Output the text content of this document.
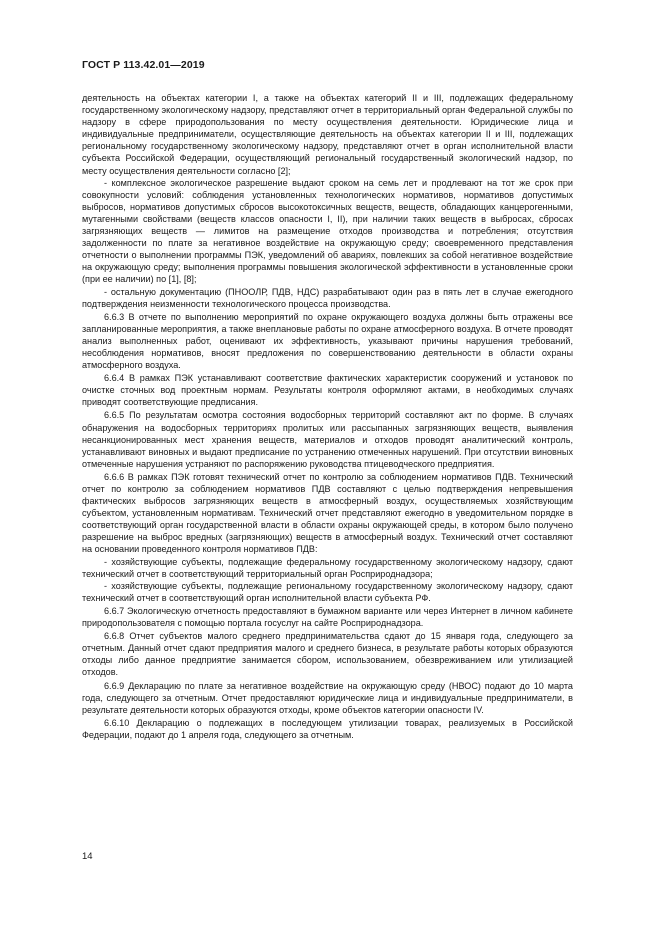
ГОСТ Р 113.42.01—2019

деятельность на объектах категории I, а также на объектах категорий II и III, подлежащих федеральному государственному экологическому надзору, представляют отчет в территориальный орган Федеральной службы по надзору в сфере природопользования по месту осуществления деятельности. Юридические лица и индивидуальные предприниматели, осуществляющие деятельность на объектах категории II и III, подлежащих региональному государственному экологическому надзору, представляют отчет в орган исполнительной власти субъекта Российской Федерации, осуществляющий региональный государственный экологический надзор, по месту осуществления деятельности согласно [2];

- комплексное экологическое разрешение выдают сроком на семь лет и продлевают на тот же срок при совокупности условий: соблюдения установленных технологических нормативов, нормативов допустимых выбросов, нормативов допустимых сбросов высокотоксичных веществ, веществ, обладающих канцерогенными, мутагенными свойствами (веществ классов опасности I, II), при наличии таких веществ в выбросах, сбросах загрязняющих веществ — лимитов на размещение отходов производства и потребления; отсутствия задолженности по плате за негативное воздействие на окружающую среду; своевременного представления отчетности о выполнении программы ПЭК, уведомлений об авариях, повлекших за собой негативное воздействие на окружающую среду; выполнения программы повышения экологической эффективности в установленные сроки (при ее наличии) по [1], [8];

- остальную документацию (ПНООЛР, ПДВ, НДС) разрабатывают один раз в пять лет в случае ежегодного подтверждения неизменности технологического процесса производства.

6.6.3 В отчете по выполнению мероприятий по охране окружающего воздуха должны быть отражены все запланированные мероприятия, а также внеплановые работы по охране атмосферного воздуха. В отчете проводят анализ выполненных работ, оценивают их эффективность, указывают причины нарушения требований, несоблюдения нормативов, вносят предложения по совершенствованию деятельности в области охраны атмосферного воздуха.

6.6.4 В рамках ПЭК устанавливают соответствие фактических характеристик сооружений и установок по очистке сточных вод проектным нормам. Результаты контроля оформляют актами, в необходимых случаях приводят соответствующие предписания.

6.6.5 По результатам осмотра состояния водосборных территорий составляют акт по форме. В случаях обнаружения на водосборных территориях пролитых или рассыпанных загрязняющих веществ, выявления несанкционированных мест хранения веществ, материалов и отходов проводят аналитический контроль, устанавливают виновных и выдают предписание по устранению отмеченных нарушений. При отсутствии виновных отмеченные нарушения устраняют по распоряжению руководства птицеводческого предприятия.

6.6.6 В рамках ПЭК готовят технический отчет по контролю за соблюдением нормативов ПДВ. Технический отчет по контролю за соблюдением нормативов ПДВ составляют с целью подтверждения непревышения фактических выбросов загрязняющих веществ в атмосферный воздух, осуществляемых хозяйствующим субъектом, установленным нормативам. Технический отчет представляют ежегодно в уведомительном порядке в соответствующий орган государственной власти в области охраны окружающей среды, в котором было получено разрешение на выброс вредных (загрязняющих) веществ в атмосферный воздух. Технический отчет составляют на основании проведенного контроля нормативов ПДВ:

- хозяйствующие субъекты, подлежащие федеральному государственному экологическому надзору, сдают технический отчет в соответствующий территориальный орган Росприроднадзора;

- хозяйствующие субъекты, подлежащие региональному государственному экологическому надзору, сдают технический отчет в соответствующий орган исполнительной власти субъекта РФ.

6.6.7 Экологическую отчетность предоставляют в бумажном варианте или через Интернет в личном кабинете природопользователя с помощью портала госуслуг на сайте Росприроднадзора.

6.6.8 Отчет субъектов малого среднего предпринимательства сдают до 15 января года, следующего за отчетным. Данный отчет сдают предприятия малого и среднего бизнеса, в результате работы которых образуются отходы либо данное предприятие занимается сбором, использованием, обезвреживанием или утилизацией отходов.

6.6.9 Декларацию по плате за негативное воздействие на окружающую среду (НВОС) подают до 10 марта года, следующего за отчетным. Отчет предоставляют юридические лица и индивидуальные предприниматели, в результате деятельности которых образуются отходы, кроме объектов категории опасности IV.

6.6.10 Декларацию о подлежащих в последующем утилизации товарах, реализуемых в Российской Федерации, подают до 1 апреля года, следующего за отчетным.

14
